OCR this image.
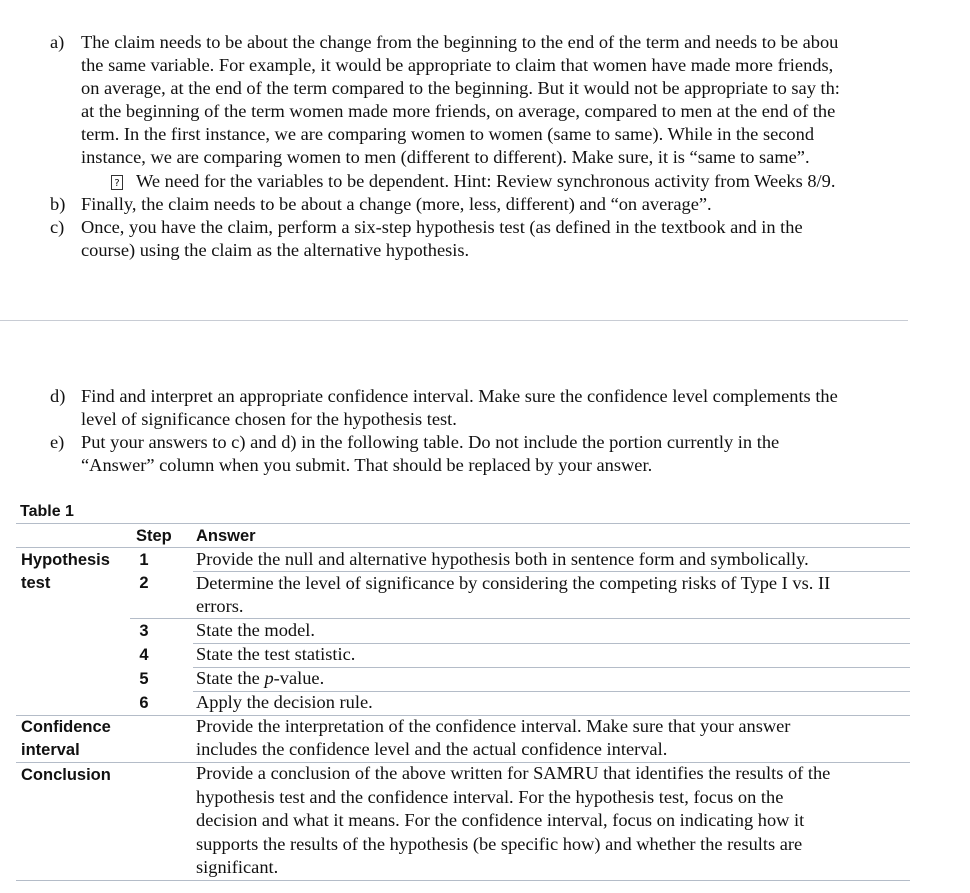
a) The claim needs to be about the change from the beginning to the end of the term and needs to be abou
the same variable. For example, it would be appropriate to claim that women have made more friends,
on average, at the end of the term compared to the beginning. But it would not be appropriate to say th:
at the beginning of the term women made more friends, on average, compared to men at the end of the
term. In the first instance, we are comparing women to women (same to same). While in the second
instance, we are comparing women to men (different to different). Make sure, it is “same to same”.
? We need for the variables to be dependent. Hint: Review synchronous activity from Weeks 8/9.
b) Finally, the claim needs to be about a change (more, less, different) and “on average”.
c) Once, you have the claim, perform a six-step hypothesis test (as defined in the textbook and in the
course) using the claim as the alternative hypothesis.
d) Find and interpret an appropriate confidence interval. Make sure the confidence level complements the
level of significance chosen for the hypothesis test.
e) Put your answers to c) and d) in the following table. Do not include the portion currently in the
“Answer” column when you submit. That should be replaced by your answer.
Table 1
Step Answer
Hypothesis
test
Confidence
interval
Conclusion
1
2
3
4
5
6
Provide the null and alternative hypothesis both in sentence form and symbolically.
Determine the level of significance by considering the competing risks of Type I vs. II
errors.
State the model.
State the test statistic.
State the p-value.
Apply the decision rule.
Provide the interpretation of the confidence interval. Make sure that your answer
includes the confidence level and the actual confidence interval.
Provide a conclusion of the above written for SAMRU that identifies the results of the
hypothesis test and the confidence interval. For the hypothesis test, focus on the
decision and what it means. For the confidence interval, focus on indicating how it
supports the results of the hypothesis (be specific how) and whether the results are
significant.
